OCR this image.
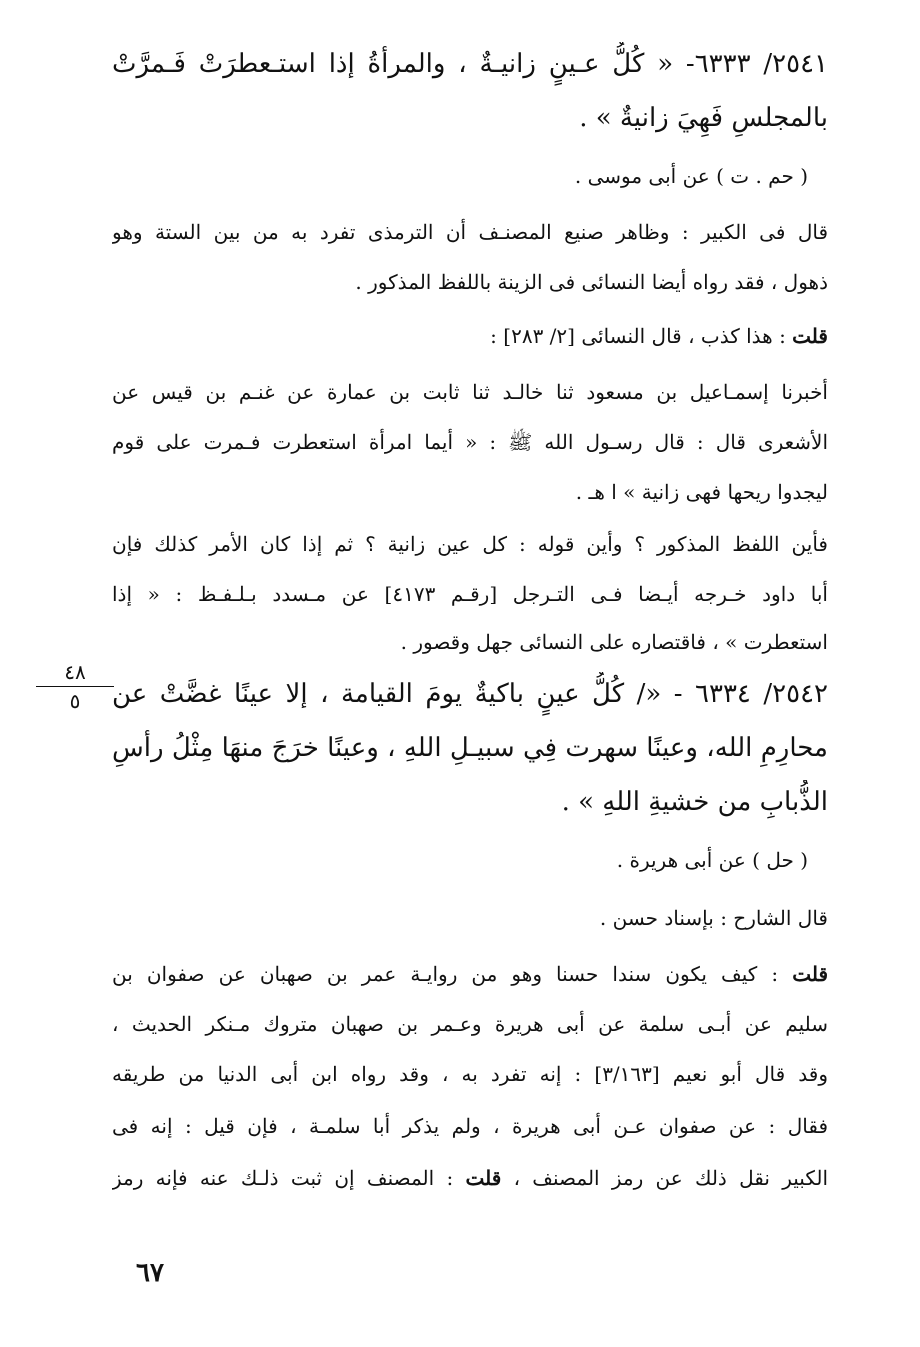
٢٥٤١/ ٦٣٣٣- « كُلُّ عـينٍ زانيـةٌ ، والمرأةُ إذا استـعطرَتْ فَـمرَّتْ
بالمجلسِ فَهِيَ زانيةٌ » .
( حم . ت ) عن أبى موسى .
قال فى الكبير : وظاهر صنيع المصنـف أن الترمذى تفرد به من بين الستة وهو
ذهول ، فقد رواه أيضا النسائى فى الزينة باللفظ المذكور .
قلت : هذا كذب ، قال النسائى [٢/ ٢٨٣] :
أخبرنا إسمـاعيل بن مسعود ثنا خالـد ثنا ثابت بن عمارة عن غنـم بن قيس عن
الأشعرى قال : قال رسـول الله ﷺ : « أيما امرأة استعطرت فـمرت على قوم
ليجدوا ريحها فهى زانية » ا هـ .
فأين اللفظ المذكور ؟ وأين قوله : كل عين زانية ؟ ثم إذا كان الأمر كذلك فإن
أبا داود خـرجه أيـضا فـى التـرجل [رقـم ٤١٧٣] عن مـسدد بـلـفـظ : « إذا
استعطرت » ، فاقتصاره على النسائى جهل وقصور .
٤٨
٥	٢٥٤٢/ ٦٣٣٤ - «/ كُلُّ عينٍ باكيةٌ يومَ القيامة ، إلا عينًا غضَّتْ عن
محارِمِ الله، وعينًا سهرت فِي سبيـلِ اللهِ ، وعينًا خرَجَ منهَا مِثْلُ رأسِ
الذُّبابِ من خشيةِ اللهِ » .
( حل ) عن أبى هريرة .
قال الشارح : بإسناد حسن .
قلت : كيف يكون سندا حسنا وهو من روايـة عمر بن صهبان عن صفوان بن
سليم عن أبـى سلمة عن أبى هريرة وعـمر بن صهبان متروك مـنكر الحديث ،
وقد قال أبو نعيم [٣/١٦٣] : إنه تفرد به ، وقد رواه ابن أبى الدنيا من طريقه
فقال : عن صفوان عـن أبى هريرة ، ولم يذكر أبا سلمـة ، فإن قيل : إنه فى
الكبير نقل ذلك عن رمز المصنف ، قلت : المصنف إن ثبت ذلـك عنه فإنه رمز
٦٧
